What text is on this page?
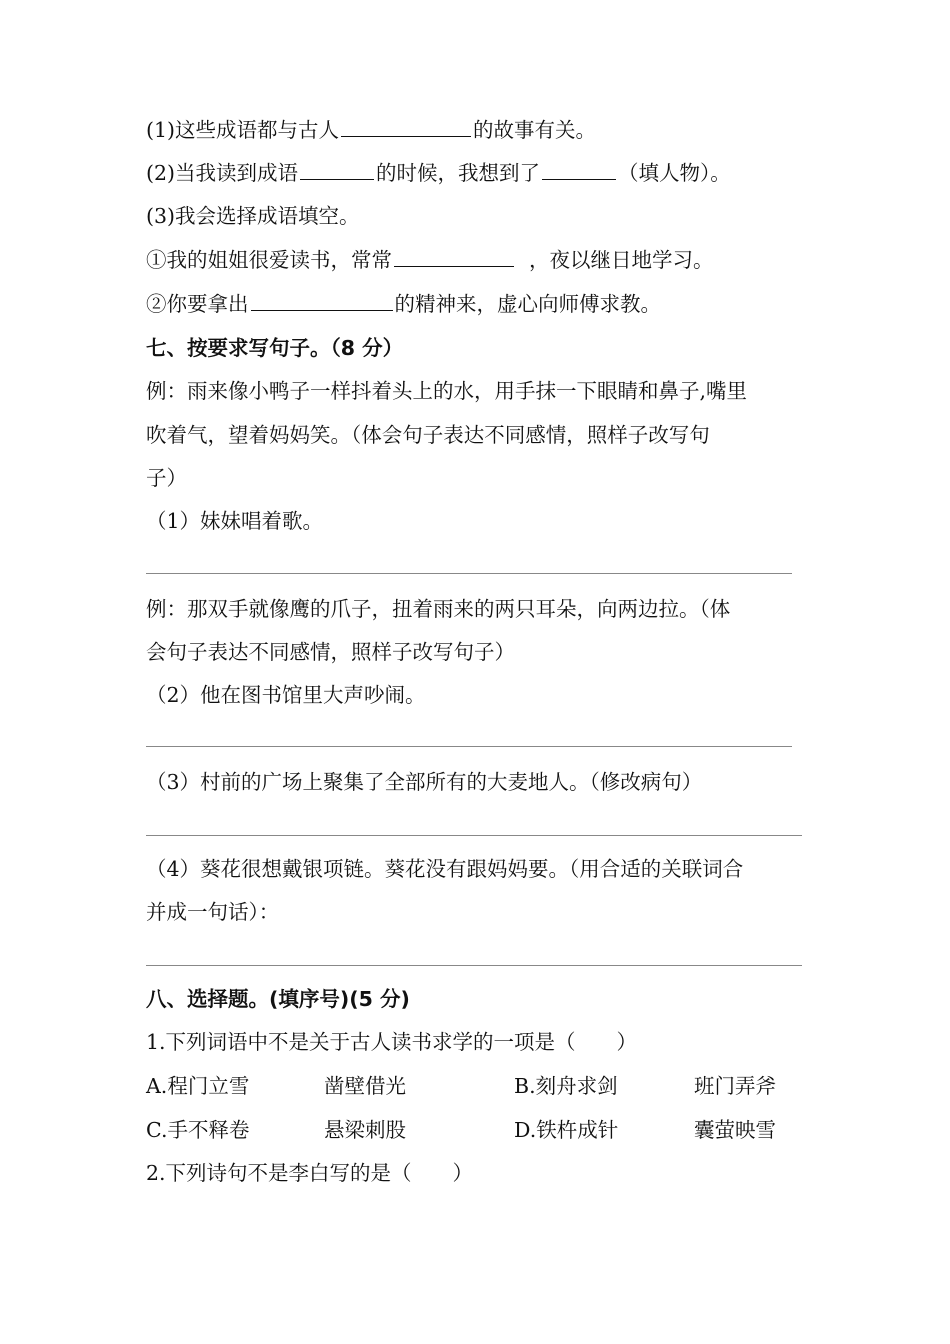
(1)这些成语都与古人	的故事有关。
(2)当我读到成语	的时候，我想到了	（填人物）。
(3)我会选择成语填空。
①我的姐姐很爱读书，常常	，夜以继日地学习。
②你要拿出	的精神来，虚心向师傅求教。
七、按要求写句子。（8 分）
例：雨来像小鸭子一样抖着头上的水，用手抹一下眼睛和鼻子,嘴里
吹着气，望着妈妈笑。（体会句子表达不同感情，照样子改写句
子）
（1）妹妹唱着歌。
例：那双手就像鹰的爪子，扭着雨来的两只耳朵，向两边拉。（体
会句子表达不同感情，照样子改写句子）
（2）他在图书馆里大声吵闹。
（3）村前的广场上聚集了全部所有的大麦地人。（修改病句）
（4）葵花很想戴银项链。葵花没有跟妈妈要。（用合适的关联词合
并成一句话）：
八、选择题。(填序号)(5 分)
1.下列词语中不是关于古人读书求学的一项是（　　）
A.程门立雪	凿壁借光	B.刻舟求剑	班门弄斧
C.手不释卷	悬梁刺股	D.铁杵成针	囊萤映雪
2.下列诗句不是李白写的是（　　）
